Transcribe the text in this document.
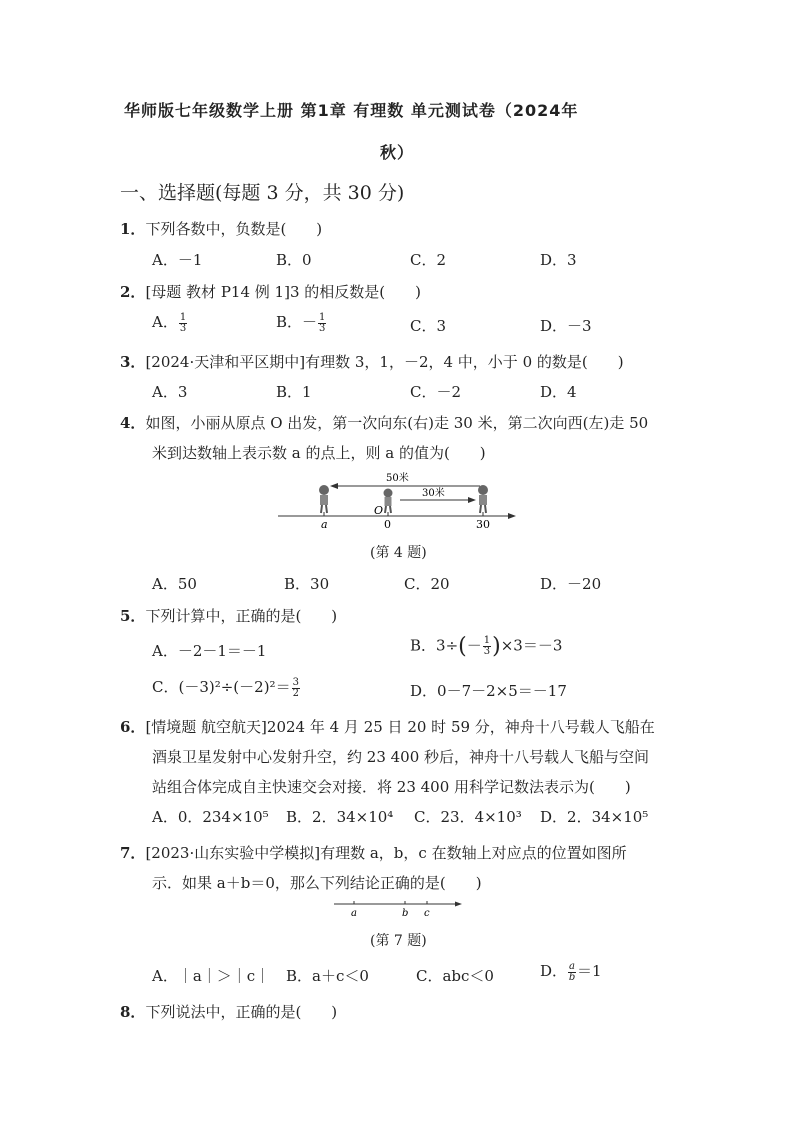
华师版七年级数学上册 第1章 有理数 单元测试卷（2024年
秋）
一、选择题(每题 3 分，共 30 分)
1．下列各数中，负数是(　　)
A．－1	B．0	C．2	D．3
2．[母题 教材 P14 例 1]3 的相反数是(　　)
A． $\frac{1}{3}$	B．－ $\frac{1}{3}$	C．3	D．－3
3．[2024·天津和平区期中]有理数 3，1，－2，4 中，小于 0 的数是(　　)
A．3	B．1	C．－2	D．4
4．如图，小丽从原点 O 出发，第一次向东(右)走 30 米，第二次向西(左)走 50
米到达数轴上表示数 a 的点上，则 a 的值为(　　)
a	0	30
50米
30米
O
(第 4 题)
A．50	B．30	C．20	D．－20
5．下列计算中，正确的是(　　)
A．－2－1＝－1	B．$3\div(- \frac{1}{3} )\times 3=-3$
C．$(-3)^2\div(-2)^2= \frac{3}{2}$	D．0－7－2×5＝－17
6．[情境题 航空航天]2024 年 4 月 25 日 20 时 59 分，神舟十八号载人飞船在
酒泉卫星发射中心发射升空，约 23 400 秒后，神舟十八号载人飞船与空间
站组合体完成自主快速交会对接．将 23 400 用科学记数法表示为(　　)
A．0．234×10⁵ B．2．34×10⁴ C．23．4×10³ D．2．34×10⁵
7．[2023·山东实验中学模拟]有理数 a，b，c 在数轴上对应点的位置如图所
示．如果 a＋b＝0，那么下列结论正确的是(　　)
a	b c
(第 7 题)
A．｜a｜＞｜c｜ B．a＋c＜0	C．abc＜0	D． $\frac{a}{b} =1$
8．下列说法中，正确的是(　　)
